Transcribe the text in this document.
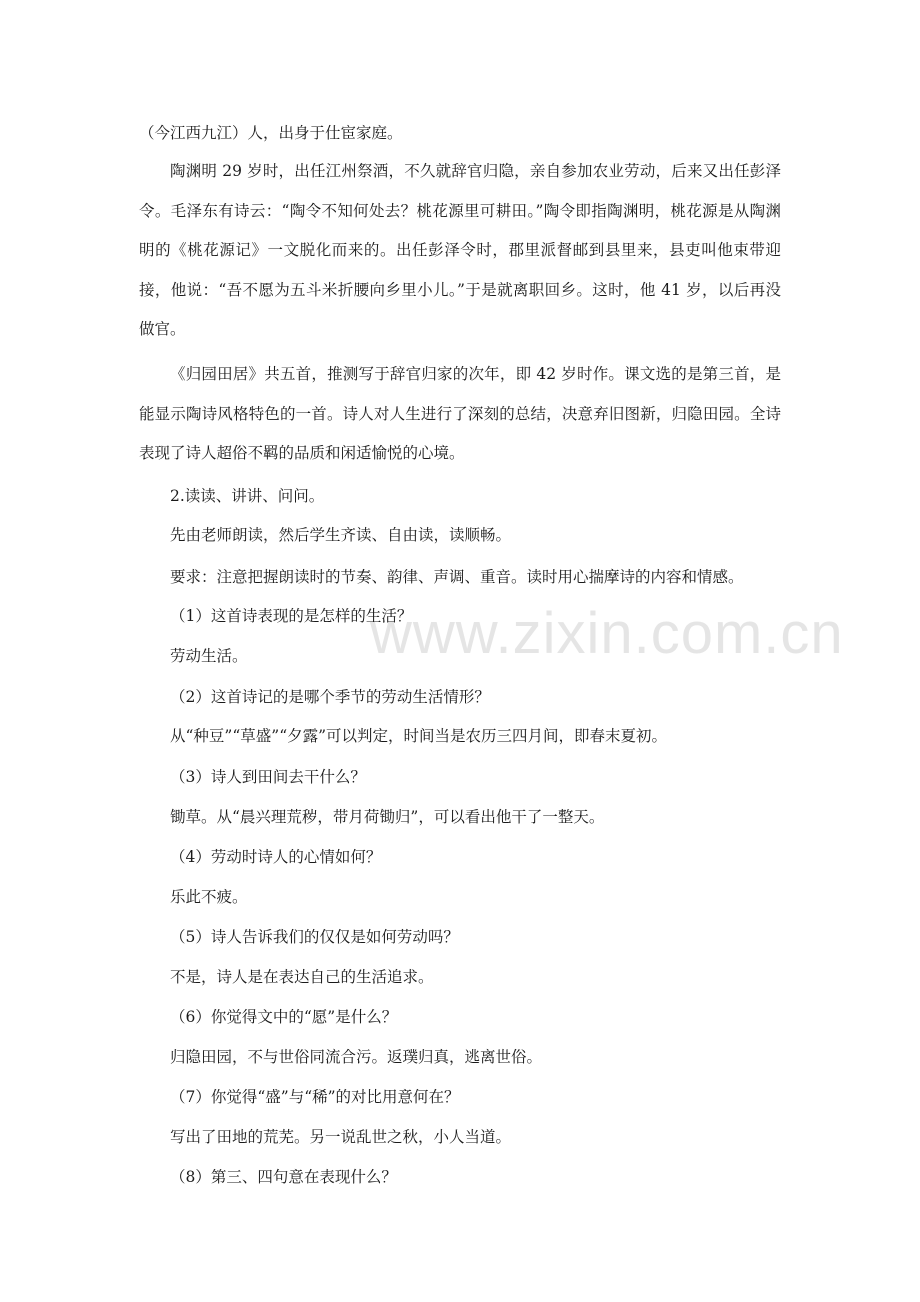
（今江西九江）人，出身于仕宦家庭。

陶渊明 29 岁时，出任江州祭酒，不久就辞官归隐，亲自参加农业劳动，后来又出任彭泽令。毛泽东有诗云：“陶令不知何处去？桃花源里可耕田。”陶令即指陶渊明，桃花源是从陶渊明的《桃花源记》一文脱化而来的。出任彭泽令时，郡里派督邮到县里来，县吏叫他束带迎接，他说：“吾不愿为五斗米折腰向乡里小儿。”于是就离职回乡。这时，他 41 岁，以后再没做官。

《归园田居》共五首，推测写于辞官归家的次年，即 42 岁时作。课文选的是第三首，是能显示陶诗风格特色的一首。诗人对人生进行了深刻的总结，决意弃旧图新，归隐田园。全诗表现了诗人超俗不羁的品质和闲适愉悦的心境。

2.读读、讲讲、问问。
先由老师朗读，然后学生齐读、自由读，读顺畅。
要求：注意把握朗读时的节奏、韵律、声调、重音。读时用心揣摩诗的内容和情感。
（1）这首诗表现的是怎样的生活？
劳动生活。
（2）这首诗记的是哪个季节的劳动生活情形？
从“种豆”“草盛”“夕露”可以判定，时间当是农历三四月间，即春末夏初。
（3）诗人到田间去干什么？
锄草。从“晨兴理荒秽，带月荷锄归”，可以看出他干了一整天。
（4）劳动时诗人的心情如何？
乐此不疲。
（5）诗人告诉我们的仅仅是如何劳动吗？
不是，诗人是在表达自己的生活追求。
（6）你觉得文中的“愿”是什么？
归隐田园，不与世俗同流合污。返璞归真，逃离世俗。
（7）你觉得“盛”与“稀”的对比用意何在？
写出了田地的荒芜。另一说乱世之秋，小人当道。
（8）第三、四句意在表现什么？
www.zixin.com.cn
